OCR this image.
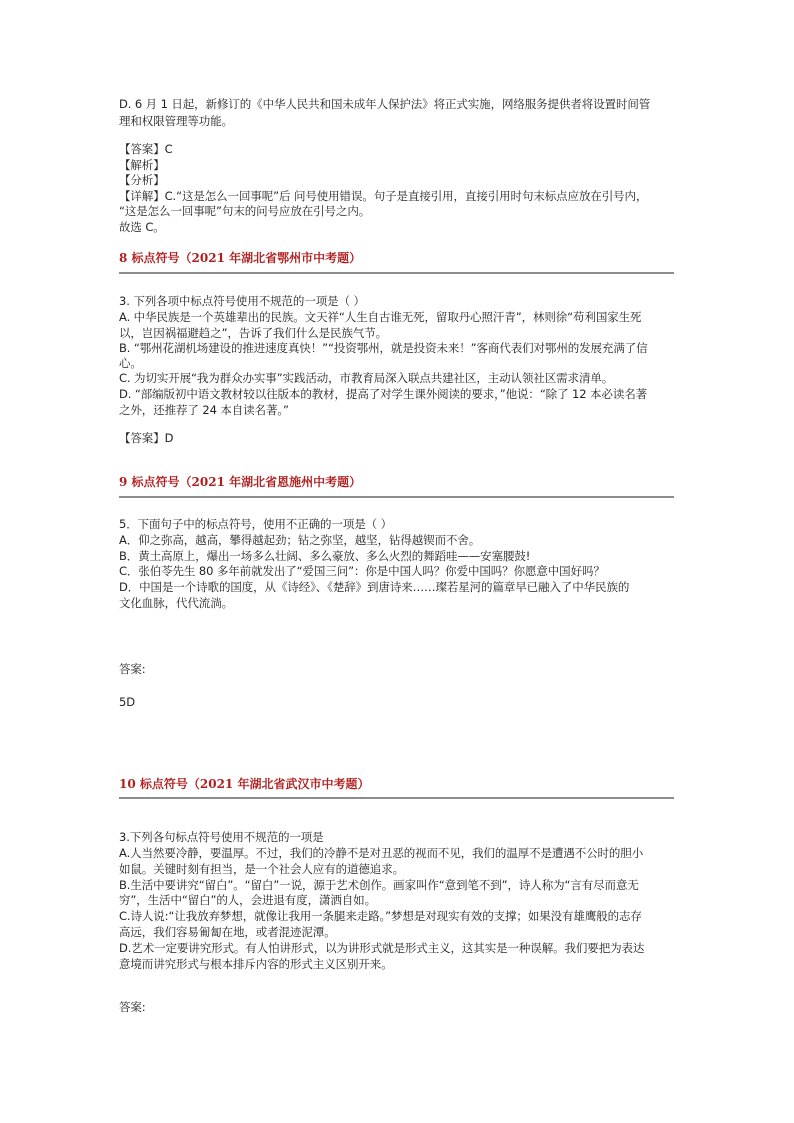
D. 6 月 1 日起，新修订的《中华人民共和国未成年人保护法》将正式实施，网络服务提供者将设置时间管
理和权限管理等功能。
【答案】C
【解析】
【分析】
【详解】C.“这是怎么一回事呢”后 问号使用错误。句子是直接引用，直接引用时句末标点应放在引号内，
“这是怎么一回事呢”句末的问号应放在引号之内。
故选 C。
8 标点符号（2021 年湖北省鄂州市中考题）
3. 下列各项中标点符号使用不规范的一项是（ ）
A. 中华民族是一个英雄辈出的民族。文天祥“人生自古谁无死，留取丹心照汗青”，林则徐“苟利国家生死
以，岂因祸福避趋之”，告诉了我们什么是民族气节。
B. “鄂州花湖机场建设的推进速度真快！”“投资鄂州，就是投资未来！”客商代表们对鄂州的发展充满了信
心。
C. 为切实开展“我为群众办实事”实践活动，市教育局深入联点共建社区，主动认领社区需求清单。
D. “部编版初中语文教材较以往版本的教材，提高了对学生课外阅读的要求，”他说：“除了 12 本必读名著
之外，还推荐了 24 本自读名著。”
【答案】D
9 标点符号（2021 年湖北省恩施州中考题）
5．下面句子中的标点符号，使用不正确的一项是（ ）
A．仰之弥高，越高，攀得越起劲；钻之弥坚，越坚，钻得越锲而不舍。
B．黄土高原上，爆出一场多么壮阔、多么豪放、多么火烈的舞蹈哇——安塞腰鼓!
C．张伯苓先生 80 多年前就发出了“爱国三问”：你是中国人吗？你爱中国吗？你愿意中国好吗？
D．中国是一个诗歌的国度，从《诗经》、《楚辞》到唐诗来……璨若星河的篇章早已融入了中华民族的
文化血脉，代代流淌。
答案:
5D
10 标点符号（2021 年湖北省武汉市中考题）
3.下列各句标点符号使用不规范的一项是
A.人当然要冷静，要温厚。不过，我们的冷静不是对丑恶的视而不见，我们的温厚不是遭遇不公时的胆小
如鼠。关键时刻有担当，是一个社会人应有的道德追求。
B.生活中要讲究“留白”。“留白”一说，源于艺术创作。画家叫作“意到笔不到”，诗人称为“言有尽而意无
穷”，生活中“留白”的人，会进退有度，潇洒自如。
C.诗人说:“让我放弃梦想，就像让我用一条腿来走路。”梦想是对现实有效的支撑；如果没有雄鹰般的志存
高远，我们容易匍匐在地，或者混迹泥潭。
D.艺术一定要讲究形式。有人怕讲形式，以为讲形式就是形式主义，这其实是一种误解。我们要把为表达
意境而讲究形式与根本排斥内容的形式主义区别开来。
答案:
